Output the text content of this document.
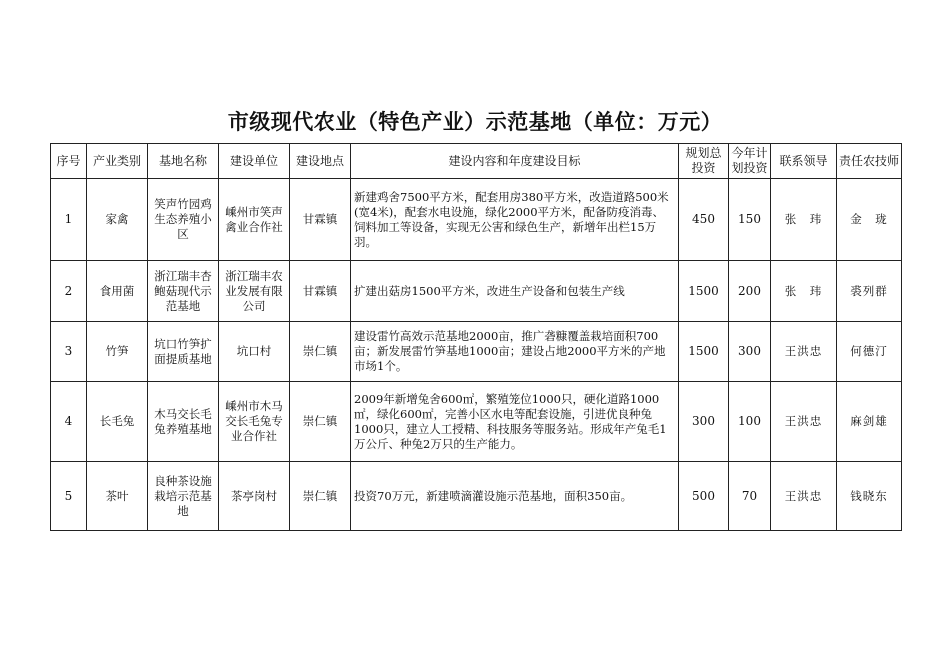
市级现代农业（特色产业）示范基地（单位：万元）
序号	产业类别	基地名称	建设单位	建设地点	建设内容和年度建设目标	规划总投资	今年计划投资	联系领导	责任农技师
1	家禽	笑声竹园鸡生态养殖小区	嵊州市笑声禽业合作社	甘霖镇	新建鸡舍7500平方米，配套用房380平方米，改造道路500米(宽4米)，配套水电设施，绿化2000平方米，配备防疫消毒、饲料加工等设备，实现无公害和绿色生产，新增年出栏15万羽。	450	150	张　玮	金　珑
2	食用菌	浙江瑞丰杏鲍菇现代示范基地	浙江瑞丰农业发展有限公司	甘霖镇	扩建出菇房1500平方米，改进生产设备和包装生产线	1500	200	张　玮	裘列群
3	竹笋	坑口竹笋扩面提质基地	坑口村	崇仁镇	建设雷竹高效示范基地2000亩，推广砻糠覆盖栽培面积700亩；新发展雷竹笋基地1000亩；建设占地2000平方米的产地市场1个。	1500	300	王洪忠	何德汀
4	长毛兔	木马交长毛兔养殖基地	嵊州市木马交长毛兔专业合作社	崇仁镇	2009年新增兔舍600㎡，繁殖笼位1000只，硬化道路1000㎡，绿化600㎡，完善小区水电等配套设施，引进优良种兔1000只，建立人工授精、科技服务等服务站。形成年产兔毛1万公斤、种兔2万只的生产能力。	300	100	王洪忠	麻剑雄
5	茶叶	良种茶设施栽培示范基地	茶亭岗村	崇仁镇	投资70万元，新建喷滴灌设施示范基地，面积350亩。	500	70	王洪忠	钱晓东
